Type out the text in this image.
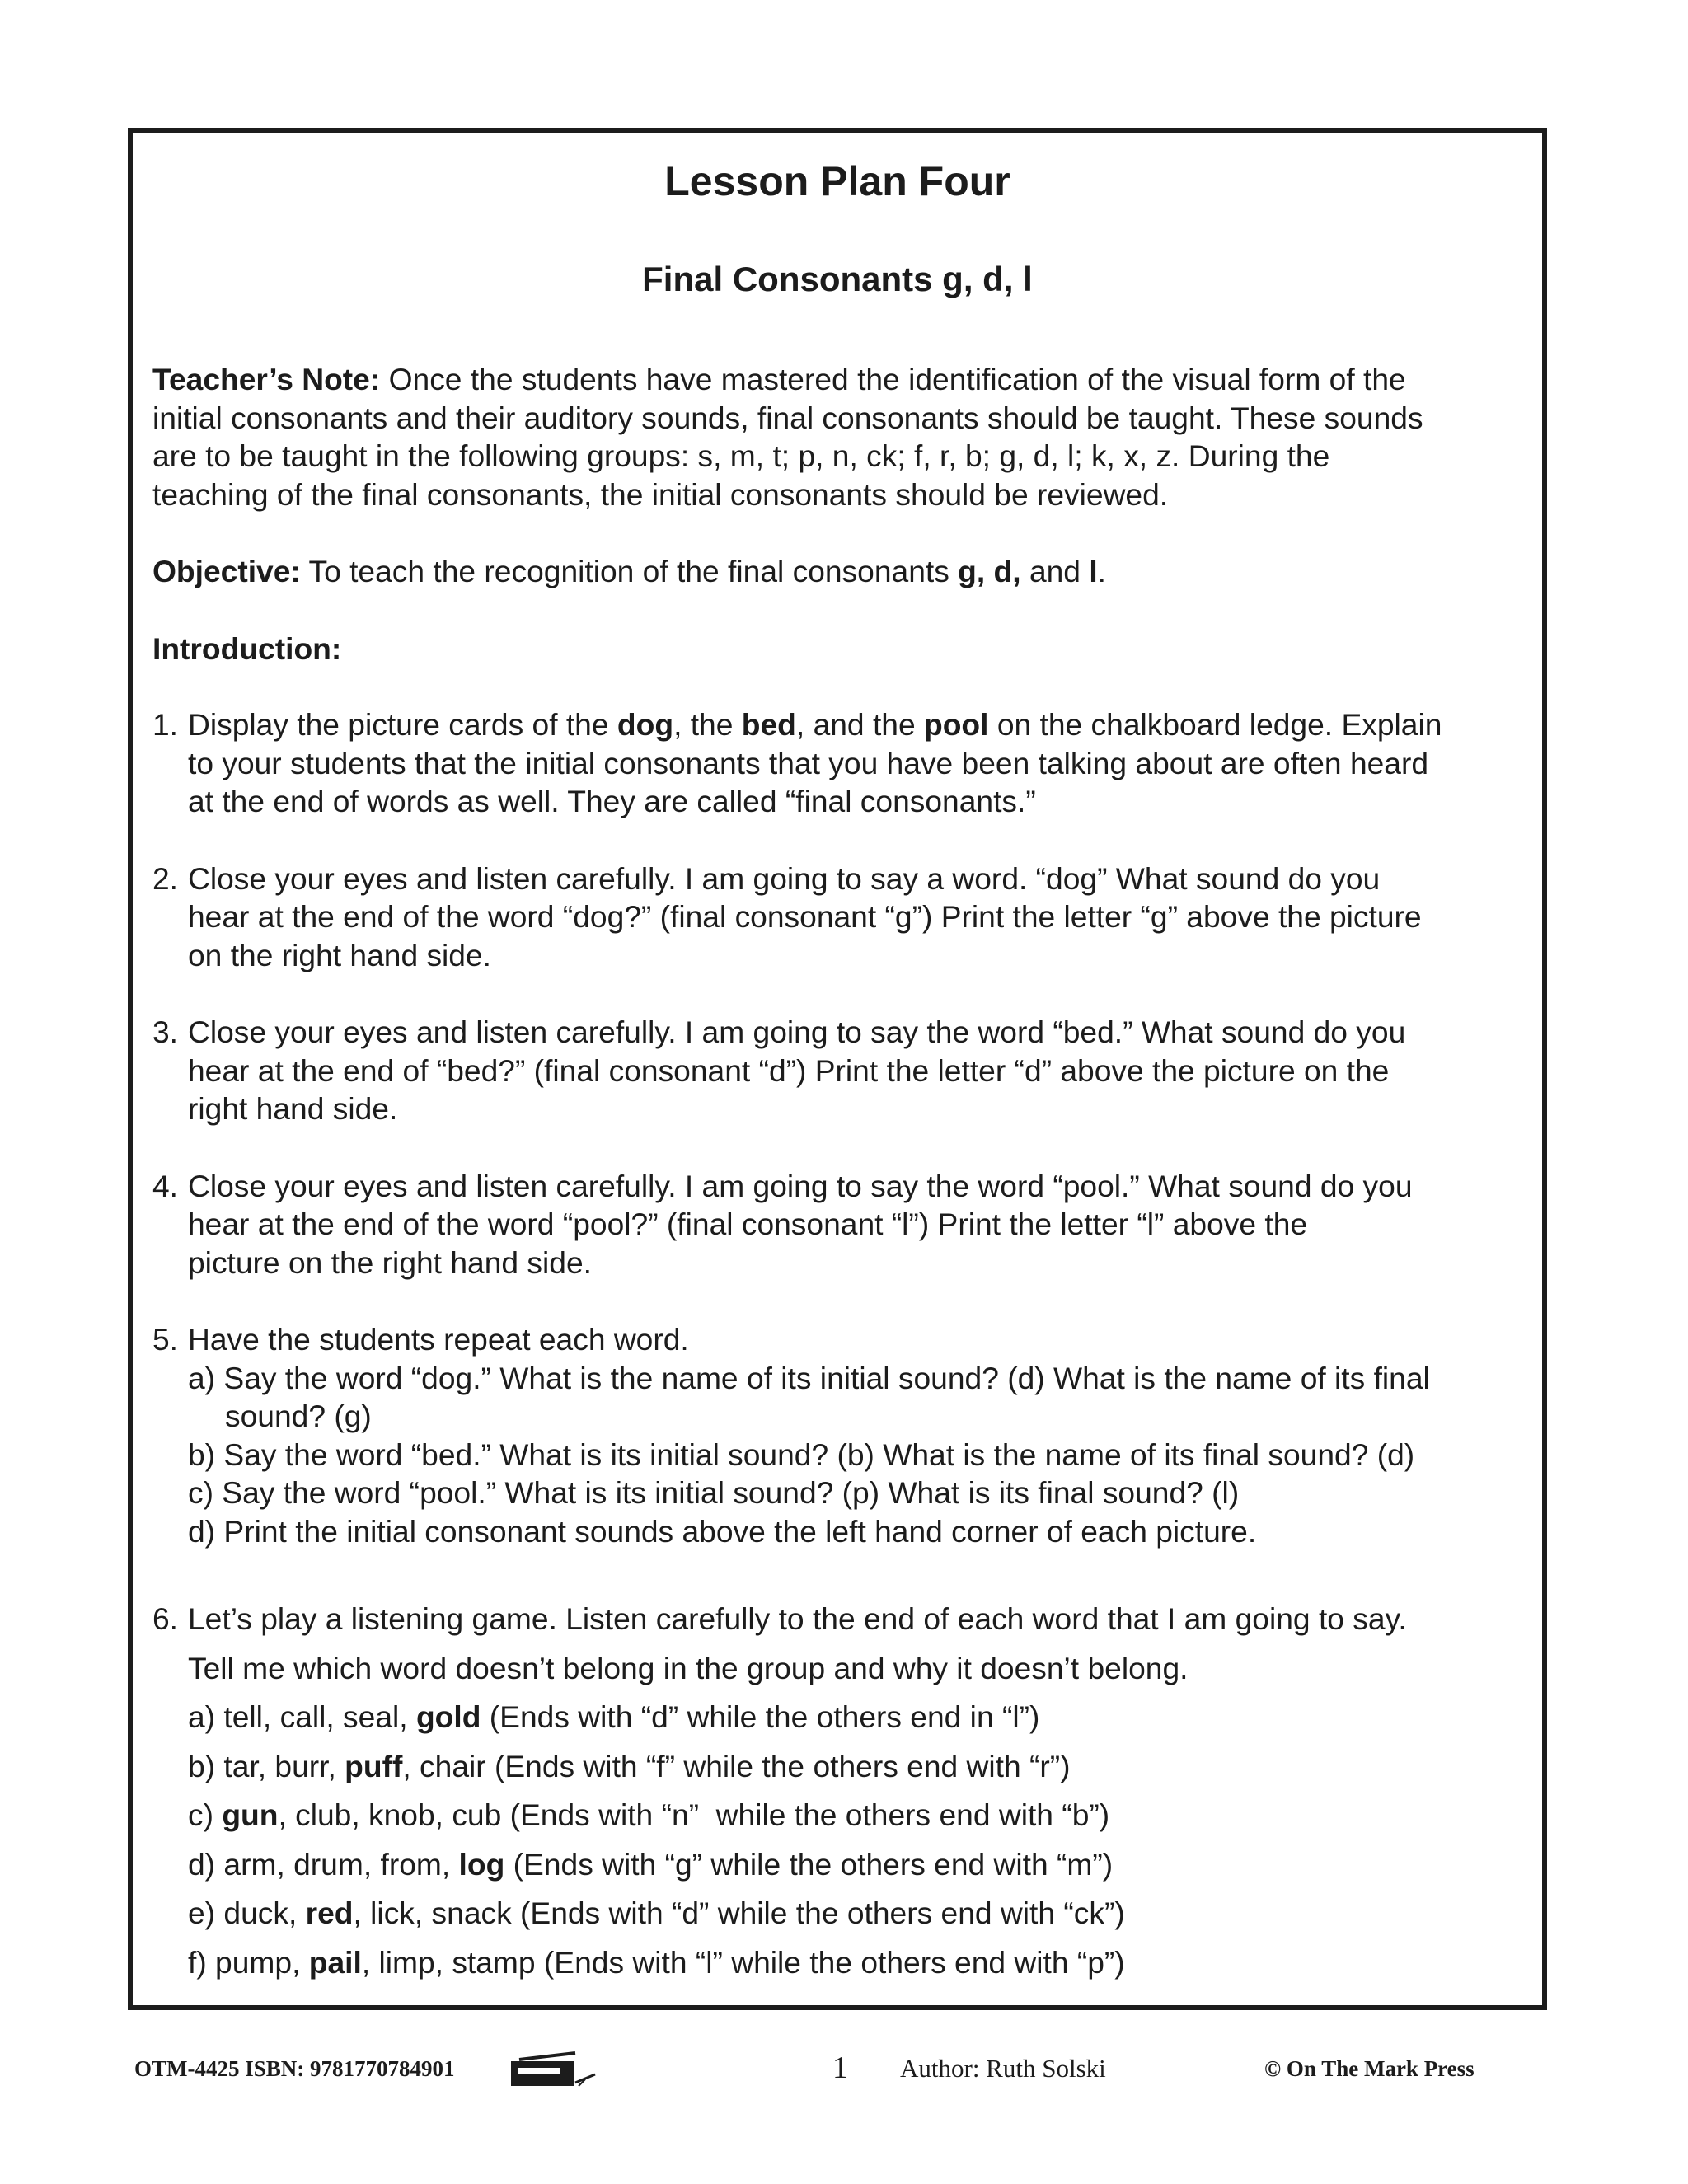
Lesson Plan Four
Final Consonants g, d, l
Teacher’s Note: Once the students have mastered the identification of the visual form of the
initial consonants and their auditory sounds, final consonants should be taught. These sounds
are to be taught in the following groups: s, m, t; p, n, ck; f, r, b; g, d, l; k, x, z. During the
teaching of the final consonants, the initial consonants should be reviewed.
Objective: To teach the recognition of the final consonants g, d, and l.
Introduction:
1. Display the picture cards of the dog, the bed, and the pool on the chalkboard ledge. Explain
to your students that the initial consonants that you have been talking about are often heard
at the end of words as well. They are called “final consonants.”
2. Close your eyes and listen carefully. I am going to say a word. “dog” What sound do you
hear at the end of the word “dog?” (final consonant “g”) Print the letter “g” above the picture
on the right hand side.
3. Close your eyes and listen carefully. I am going to say the word “bed.” What sound do you
hear at the end of “bed?” (final consonant “d”) Print the letter “d” above the picture on the
right hand side.
4. Close your eyes and listen carefully. I am going to say the word “pool.” What sound do you
hear at the end of the word “pool?” (final consonant “l”) Print the letter “l” above the
picture on the right hand side.
5. Have the students repeat each word.
a) Say the word “dog.” What is the name of its initial sound? (d) What is the name of its final
sound? (g)
b) Say the word “bed.” What is its initial sound? (b) What is the name of its final sound? (d)
c) Say the word “pool.” What is its initial sound? (p) What is its final sound? (l)
d) Print the initial consonant sounds above the left hand corner of each picture.
6. Let’s play a listening game. Listen carefully to the end of each word that I am going to say.
Tell me which word doesn’t belong in the group and why it doesn’t belong.
a) tell, call, seal, gold (Ends with “d” while the others end in “l”)
b) tar, burr, puff, chair (Ends with “f” while the others end with “r”)
c) gun, club, knob, cub (Ends with “n”  while the others end with “b”)
d) arm, drum, from, log (Ends with “g” while the others end with “m”)
e) duck, red, lick, snack (Ends with “d” while the others end with “ck”)
f) pump, pail, limp, stamp (Ends with “l” while the others end with “p”)
OTM-4425 ISBN: 9781770784901	1 Author: Ruth Solski	© On The Mark Press
